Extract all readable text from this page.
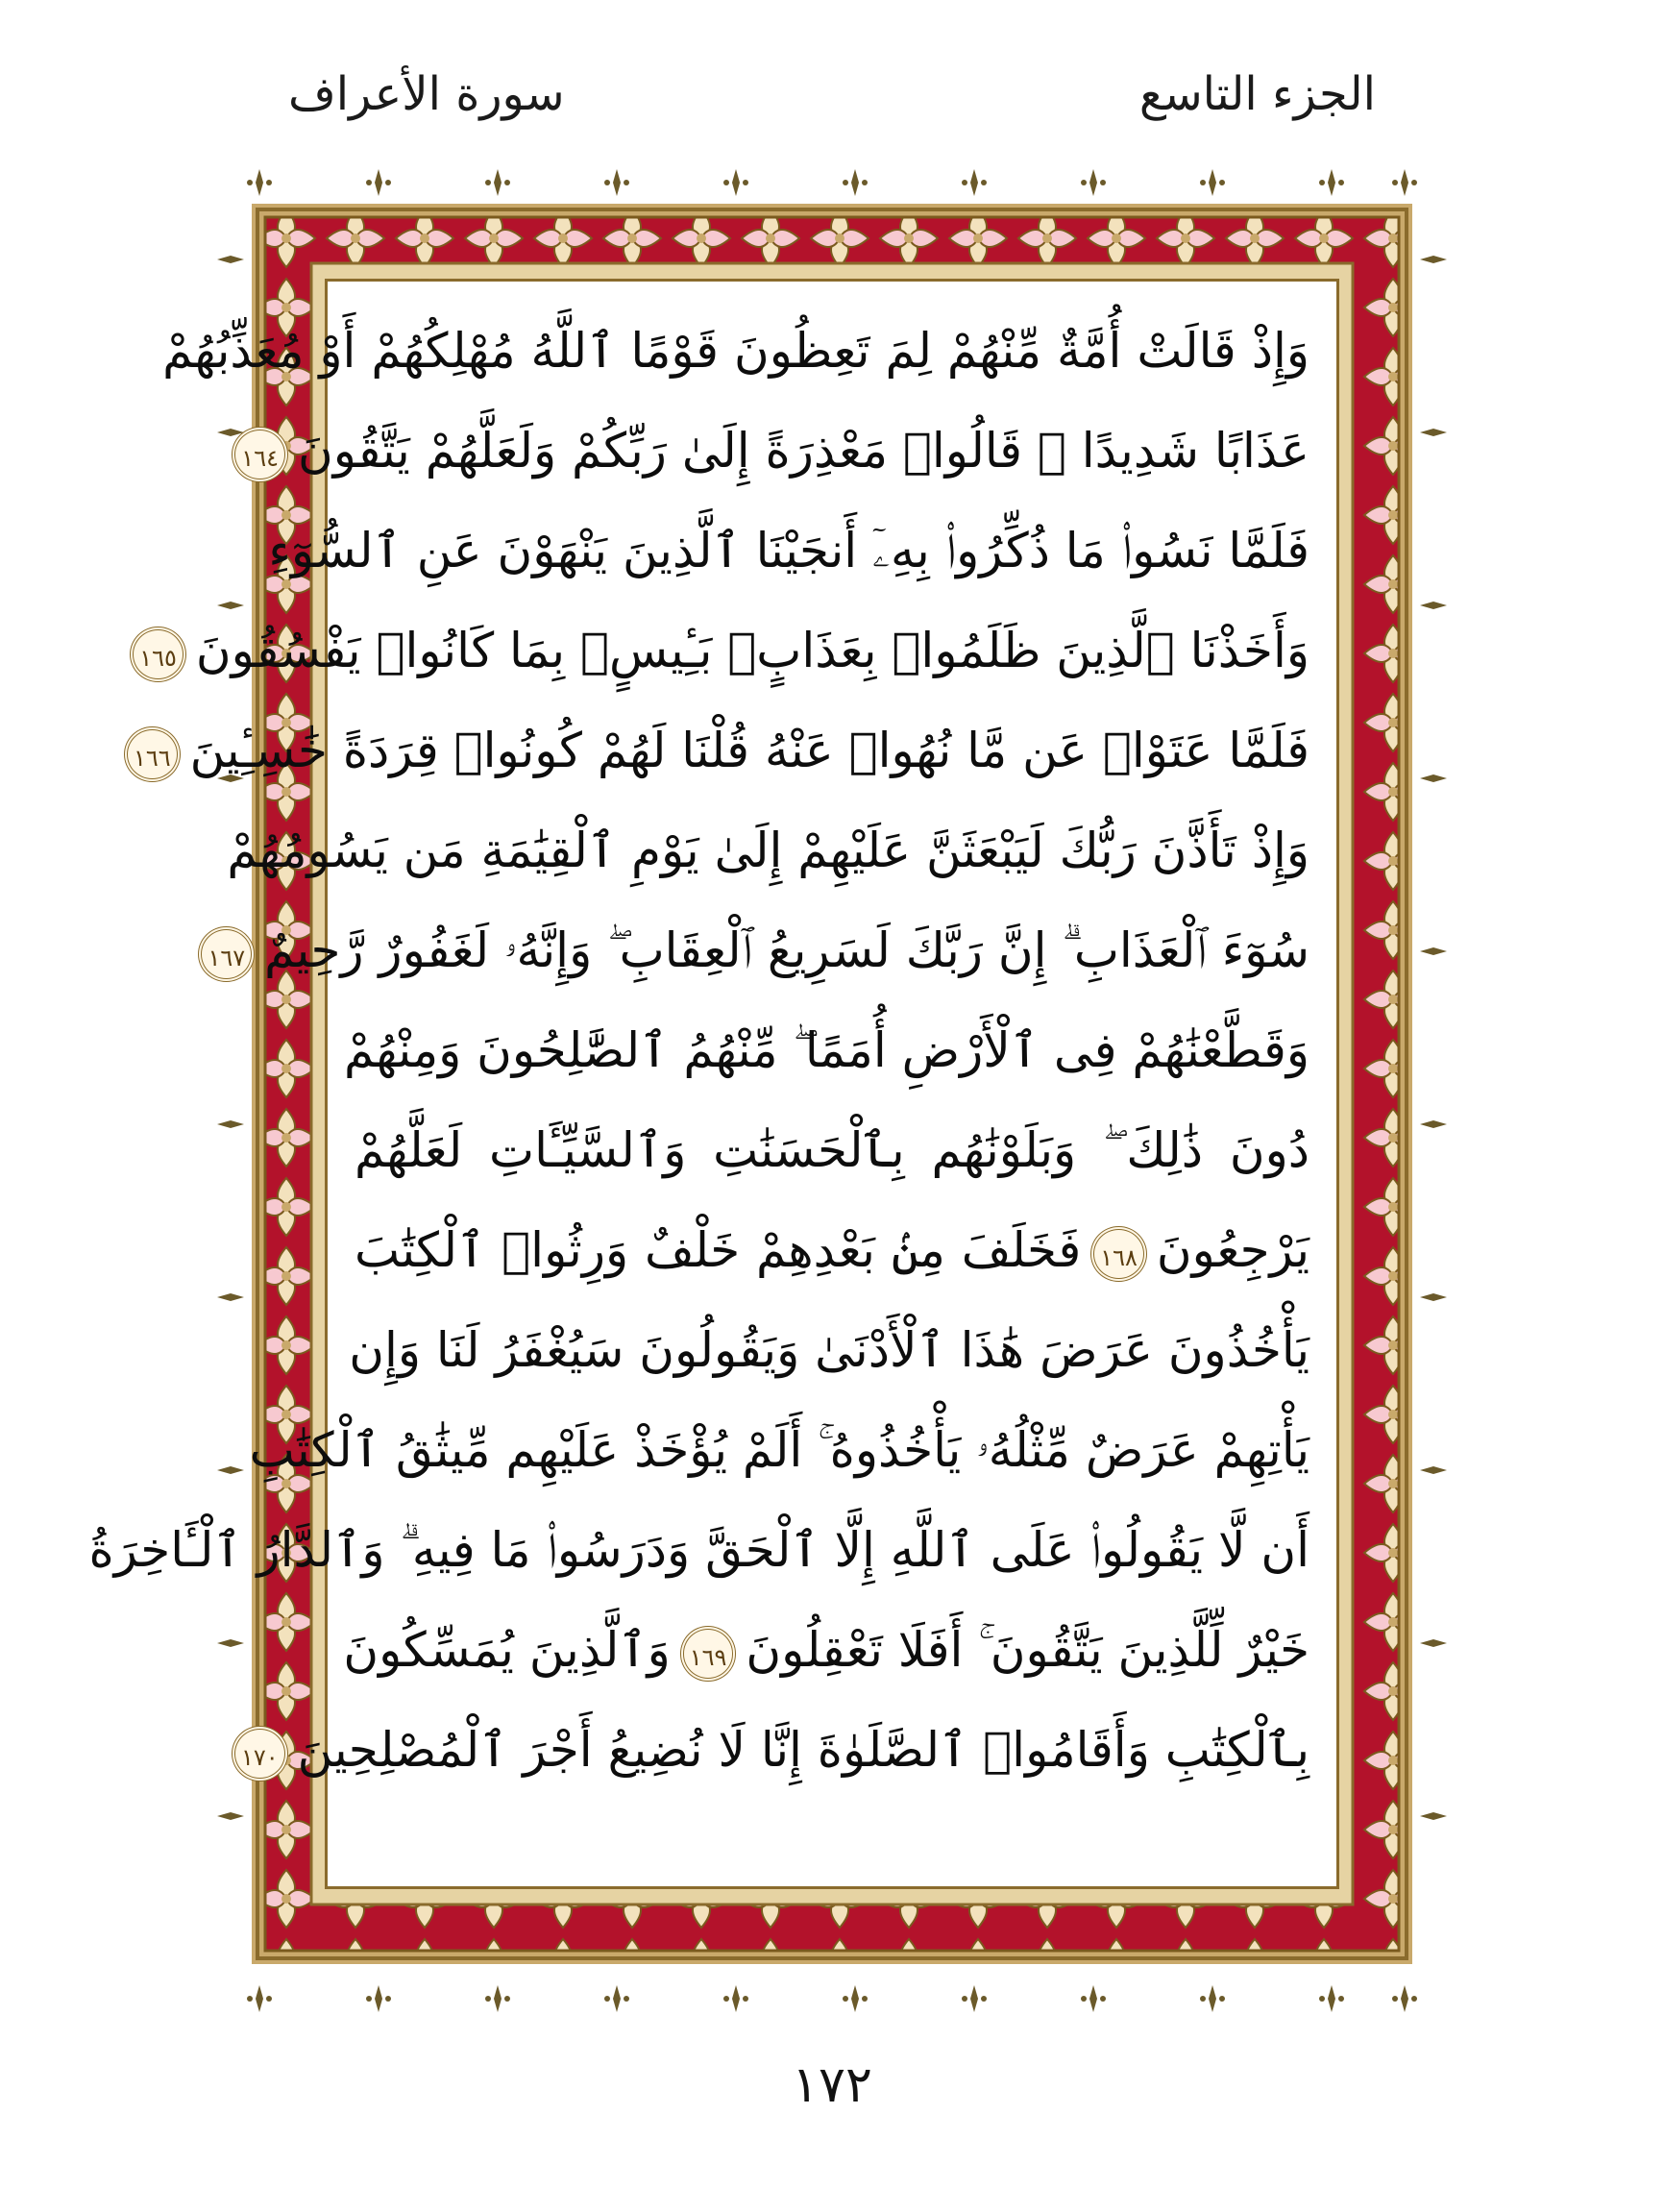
الجزء التاسع
سورة الأعراف
وَإِذْ قَالَتْ أُمَّةٌ مِّنْهُمْ لِمَ تَعِظُونَ قَوْمًا ٱللَّهُ مُهْلِكُهُمْ أَوْ مُعَذِّبُهُمْ
عَذَابًا شَدِيدًا ۖ قَالُوا۟ مَعْذِرَةً إِلَىٰ رَبِّكُمْ وَلَعَلَّهُمْ يَتَّقُونَ١٦٤
فَلَمَّا نَسُوا۟ مَا ذُكِّرُوا۟ بِهِۦٓ أَنجَيْنَا ٱلَّذِينَ يَنْهَوْنَ عَنِ ٱلسُّوٓءِ
وَأَخَذْنَا ٱلَّذِينَ ظَلَمُوا۟ بِعَذَابٍۭ بَـِٔيسٍۭ بِمَا كَانُوا۟ يَفْسُقُونَ١٦٥
فَلَمَّا عَتَوْا۟ عَن مَّا نُهُوا۟ عَنْهُ قُلْنَا لَهُمْ كُونُوا۟ قِرَدَةً خَٰسِـِٔينَ١٦٦
وَإِذْ تَأَذَّنَ رَبُّكَ لَيَبْعَثَنَّ عَلَيْهِمْ إِلَىٰ يَوْمِ ٱلْقِيَٰمَةِ مَن يَسُومُهُمْ
سُوٓءَ ٱلْعَذَابِ ۗ إِنَّ رَبَّكَ لَسَرِيعُ ٱلْعِقَابِ ۖ وَإِنَّهُۥ لَغَفُورٌ رَّحِيمٌ١٦٧
وَقَطَّعْنَٰهُمْ فِى ٱلْأَرْضِ أُمَمًا ۖ مِّنْهُمُ ٱلصَّٰلِحُونَ وَمِنْهُمْ
دُونَ ذَٰلِكَ ۖ وَبَلَوْنَٰهُم بِٱلْحَسَنَٰتِ وَٱلسَّيِّـَٔاتِ لَعَلَّهُمْ
يَرْجِعُونَ١٦٨فَخَلَفَ مِنۢ بَعْدِهِمْ خَلْفٌ وَرِثُوا۟ ٱلْكِتَٰبَ
يَأْخُذُونَ عَرَضَ هَٰذَا ٱلْأَدْنَىٰ وَيَقُولُونَ سَيُغْفَرُ لَنَا وَإِن
يَأْتِهِمْ عَرَضٌ مِّثْلُهُۥ يَأْخُذُوهُ ۚ أَلَمْ يُؤْخَذْ عَلَيْهِم مِّيثَٰقُ ٱلْكِتَٰبِ
أَن لَّا يَقُولُوا۟ عَلَى ٱللَّهِ إِلَّا ٱلْحَقَّ وَدَرَسُوا۟ مَا فِيهِ ۗ وَٱلدَّارُ ٱلْـَٔاخِرَةُ
خَيْرٌ لِّلَّذِينَ يَتَّقُونَ ۚ أَفَلَا تَعْقِلُونَ١٦٩وَٱلَّذِينَ يُمَسِّكُونَ
بِٱلْكِتَٰبِ وَأَقَامُوا۟ ٱلصَّلَوٰةَ إِنَّا لَا نُضِيعُ أَجْرَ ٱلْمُصْلِحِينَ١٧٠
١٧٢
